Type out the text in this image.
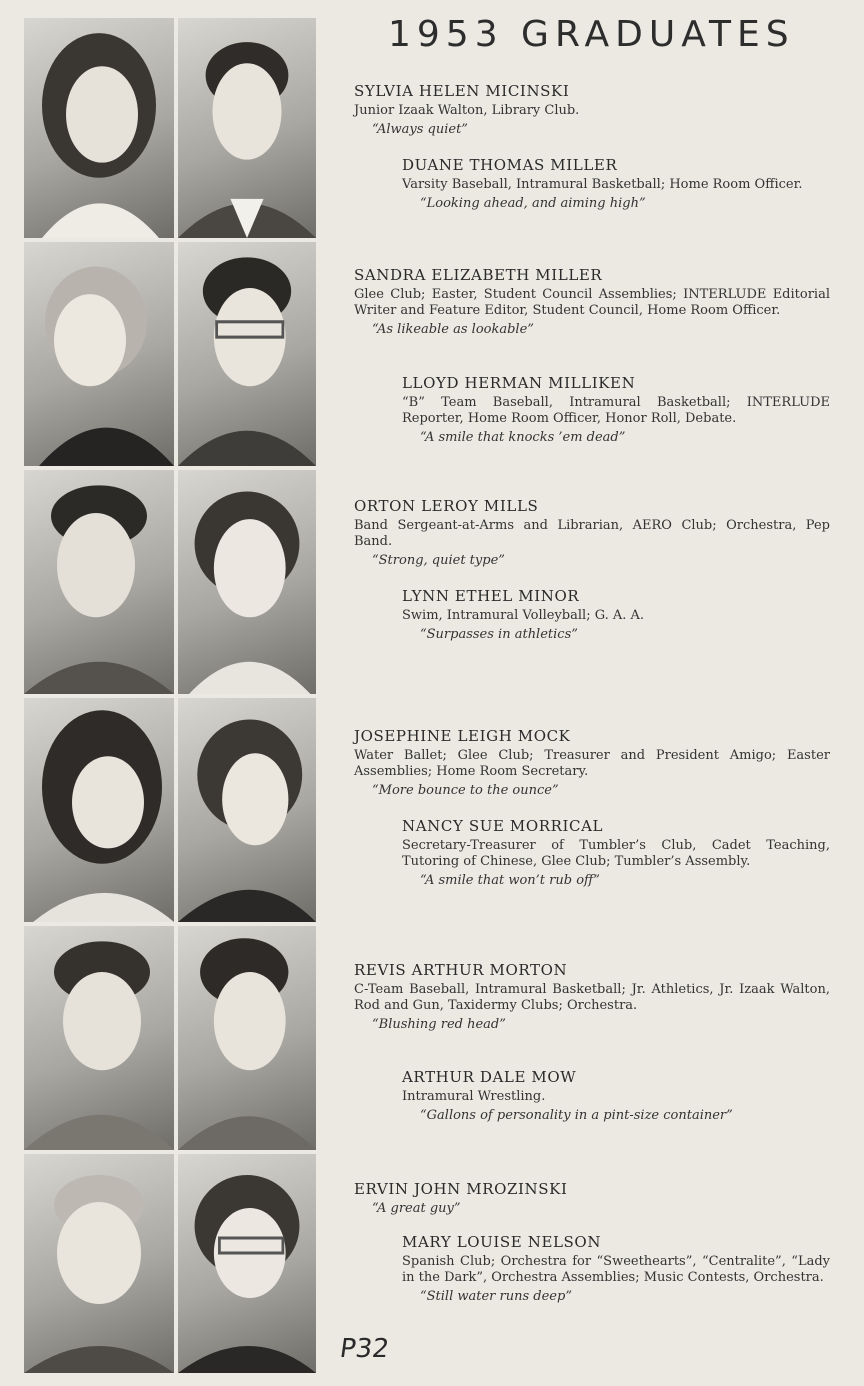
1953 GRADUATES
SYLVIA HELEN MICINSKI
Junior Izaak Walton, Library Club.
“Always quiet”
DUANE THOMAS MILLER
Varsity Baseball, Intramural Basketball; Home Room Officer.
“Looking ahead, and aiming high”
SANDRA ELIZABETH MILLER
Glee Club; Easter, Student Council Assemblies; INTERLUDE Editorial Writer and Feature Editor, Student Council, Home Room Officer.
“As likeable as lookable”
LLOYD HERMAN MILLIKEN
“B” Team Baseball, Intramural Basketball; INTERLUDE Reporter, Home Room Officer, Honor Roll, Debate.
“A smile that knocks ’em dead”
ORTON LEROY MILLS
Band Sergeant-at-Arms and Librarian, AERO Club; Orchestra, Pep Band.
“Strong, quiet type”
LYNN ETHEL MINOR
Swim, Intramural Volleyball; G. A. A.
“Surpasses in athletics”
JOSEPHINE LEIGH MOCK
Water Ballet; Glee Club; Treasurer and President Amigo; Easter Assemblies; Home Room Secretary.
“More bounce to the ounce”
NANCY SUE MORRICAL
Secretary-Treasurer of Tumbler’s Club, Cadet Teaching, Tutoring of Chinese, Glee Club; Tumbler’s Assembly.
“A smile that won’t rub off”
REVIS ARTHUR MORTON
C-Team Baseball, Intramural Basketball; Jr. Athletics, Jr. Izaak Walton, Rod and Gun, Taxidermy Clubs; Orchestra.
“Blushing red head”
ARTHUR DALE MOW
Intramural Wrestling.
“Gallons of personality in a pint-size container”
ERVIN JOHN MROZINSKI
“A great guy”
MARY LOUISE NELSON
Spanish Club; Orchestra for “Sweethearts”, “Centralite”, “Lady in the Dark”, Orchestra Assemblies; Music Contests, Orchestra.
“Still water runs deep”
P32
